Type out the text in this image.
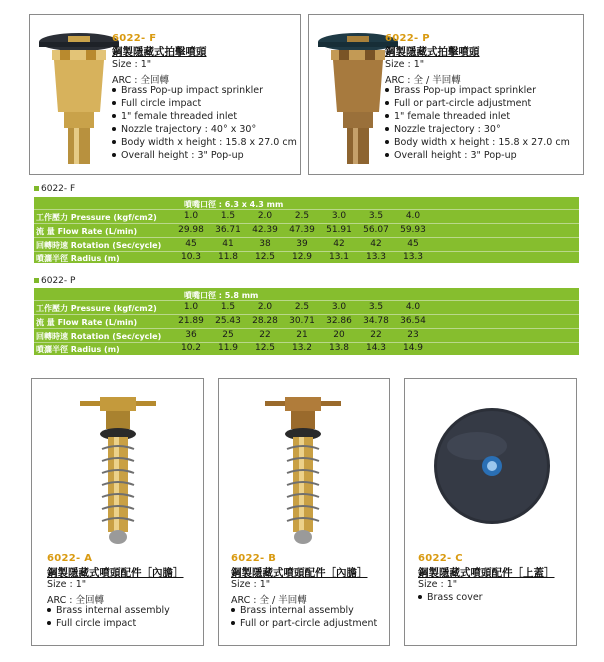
6022- F
鋼製隱藏式拍擊噴頭
Size : 1"
ARC : 全回轉
Brass Pop-up impact sprinkler
Full circle impact
1" female threaded inlet
Nozzle trajectory : 40° x 30°
Body width x height : 15.8 x 27.0 cm
Overall height : 3" Pop-up
6022- P
鋼製隱藏式拍擊噴頭
Size : 1"
ARC : 全 / 半回轉
Brass Pop-up impact sprinkler
Full or part-circle adjustment
1" female threaded inlet
Nozzle trajectory : 30°
Body width x height : 15.8 x 27.0 cm
Overall height : 3" Pop-up
6022- F
噴嘴口徑 : 6.3 x 4.3 mm
工作壓力 Pressure (kgf/cm2)	1.0	1.5	2.0	2.5	3.0	3.5	4.0
流 量 Flow Rate (L/min)	29.98	36.71	42.39	47.39	51.91	56.07	59.93
回轉時速 Rotation (Sec/cycle)	45	41	38	39	42	42	45
噴灑半徑 Radius (m)	10.3	11.8	12.5	12.9	13.1	13.3	13.3
6022- P
噴嘴口徑 : 5.8 mm
工作壓力 Pressure (kgf/cm2)	1.0	1.5	2.0	2.5	3.0	3.5	4.0
流 量 Flow Rate (L/min)	21.89	25.43	28.28	30.71	32.86	34.78	36.54
回轉時速 Rotation (Sec/cycle)	36	25	22	21	20	22	23
噴灑半徑 Radius (m)	10.2	11.9	12.5	13.2	13.8	14.3	14.9
6022- A
鋼製隱藏式噴頭配件［內膽］
Size : 1"
ARC : 全回轉
Brass internal assembly
Full circle impact
6022- B
鋼製隱藏式噴頭配件［內膽］
Size : 1"
ARC : 全 / 半回轉
Brass internal assembly
Full or part-circle adjustment
6022- C
鋼製隱藏式噴頭配件［上蓋］
Size : 1"
Brass cover
